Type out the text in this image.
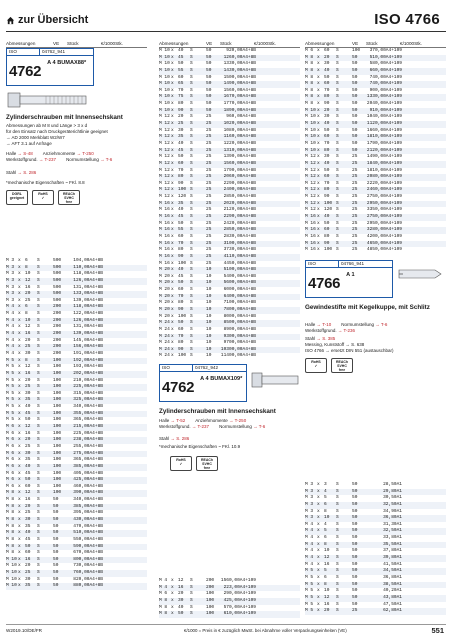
zur Übersicht	ISO 4766
Abmessungen	VE	Stück	€/1000Stk.
ISO	04762_941
4762 A 4 BUMAX88*
Zylinderschrauben mit Innensechskant
Abmessungen ab M 8 und Länge > 3 x d
für den Einsatz nach Druckgeräterichtlinie geeignet
→ AD 2000 Merkblatt W2/W7
→ AFT 3.1 auf Anfrage
Halle → S-48 Anziehmomente → T-250
Werkstoffgrund. → T-237 Normumstellung → T-6
Stahl → S. 286
*mechanische Eigenschaften ~ FKl. 8.8
DGRL
geeignet
RoHS
✓
REACh
SVHC
free
M 3 x 6	S	500	104,00A4+8B
M 3 x 8	S	500	110,00A4+8B
M 3 x 10	S	500	118,00A4+8B
M 3 x 12	S	500	126,00A4+8B
M 3 x 16	S	500	131,00A4+8B
M 3 x 20	S	500	133,00A4+8B
M 3 x 25	S	500	139,00A4+8B
M 4 x 6	S	200	118,00A4+8B
M 4 x 8	S	200	122,00A4+8B
M 4 x 10	S	200	126,00A4+8B
M 4 x 12	S	200	131,00A4+8B
M 4 x 16	S	200	139,00A4+8B
M 4 x 20	S	200	145,00A4+8B
M 4 x 25	S	200	156,00A4+8B
M 4 x 30	S	200	191,00A4+8B
M 5 x 8	S	100	192,00A4+8B
M 5 x 12	S	100	193,00A4+8B
M 5 x 16	S	100	202,00A4+8B
M 5 x 20	S	100	210,00A4+8B
M 5 x 25	S	100	225,00A4+8B
M 5 x 30	S	100	315,00A4+8B
M 5 x 35	S	100	325,00A4+8B
M 5 x 40	S	100	340,00A4+8B
M 5 x 45	S	100	355,00A4+8B
M 5 x 50	S	100	365,00A4+8B
M 6 x 12	S	100	215,00A4+8B
M 6 x 16	S	100	225,00A4+8B
M 6 x 20	S	100	238,00A4+8B
M 6 x 25	S	100	255,00A4+8B
M 6 x 30	S	100	275,00A4+8B
M 6 x 35	S	100	365,00A4+8B
M 6 x 40	S	100	385,00A4+8B
M 6 x 45	S	100	405,00A4+8B
M 6 x 50	S	100	425,00A4+8B
M 6 x 60	S	100	460,00A4+8B
M 8 x 12	S	100	390,00A4+8B
M 8 x 16	S	50	340,00A4+8B
M 8 x 20	S	50	385,00A4+8B
M 8 x 25	S	50	395,00A4+8B
M 8 x 30	S	50	430,00A4+8B
M 8 x 35	S	50	470,00A4+8B
M 8 x 40	S	50	510,00A4+8B
M 8 x 45	S	50	550,00A4+8B
M 8 x 50	S	50	590,00A4+8B
M 8 x 60	S	50	670,00A4+8B
M 10 x 16	S	50	800,00A4+8B
M 10 x 20	S	50	730,00A4+8B
M 10 x 25	S	50	760,00A4+8B
M 10 x 30	S	50	820,00A4+8B
M 10 x 35	S	50	880,00A4+8B
Abmessungen	VE	Stück	€/1000Stk.
M 10 x 40	S	50	920,00A4+8B
M 10 x 45	S	50	1260,00A4+8B
M 10 x 50	S	50	1330,00A4+8B
M 10 x 55	S	50	1430,00A4+8B
M 10 x 60	S	50	1500,00A4+8B
M 10 x 65	S	50	1490,00A4+8B
M 10 x 70	S	50	1560,00A4+8B
M 10 x 75	S	50	1670,00A4+8B
M 10 x 80	S	50	1770,00A4+8B
M 10 x 90	S	50	1890,00A4+8B
M 12 x 20	S	25	960,00A4+8B
M 12 x 25	S	25	1020,00A4+8B
M 12 x 30	S	25	1080,00A4+8B
M 12 x 35	S	25	1160,00A4+8B
M 12 x 40	S	25	1220,00A4+8B
M 12 x 45	S	25	1310,00A4+8B
M 12 x 50	S	25	1390,00A4+8B
M 12 x 60	S	25	1560,00A4+8B
M 12 x 70	S	25	1790,00A4+8B
M 12 x 80	S	25	2060,00A4+8B
M 12 x 90	S	25	2290,00A4+8B
M 12 x 100 S	25	2400,00A4+8B
M 12 x 120 S	25	2850,00A4+8B
M 16 x 35	S	25	2020,00A4+8B
M 16 x 40	S	25	2120,00A4+8B
M 16 x 45	S	25	2290,00A4+8B
M 16 x 50	S	25	2420,00A4+8B
M 16 x 55	S	25	2850,00A4+8B
M 16 x 60	S	25	2830,00A4+8B
M 16 x 70	S	25	3100,00A4+8B
M 16 x 80	S	25	3730,00A4+8B
M 16 x 90	S	25	4110,00A4+8B
M 16 x 100 S	25	4450,00A4+8B
M 20 x 40	S	10	5100,00A4+8B
M 20 x 45	S	10	5400,00A4+8B
M 20 x 50	S	10	5600,00A4+8B
M 20 x 60	S	10	6000,00A4+8B
M 20 x 70	S	10	6400,00A4+8B
M 20 x 80	S	10	7100,00A4+8B
M 20 x 90	S	10	7800,00A4+8B
M 20 x 100 S	10	8000,00A4+8B
M 24 x 50	S	10	8500,00A4+8B
M 24 x 60	S	10	8900,00A4+8B
M 24 x 70	S	10	9300,00A4+8B
M 24 x 80	S	10	9700,00A4+8B
M 24 x 90	S	10	10300,00A4+8B
M 24 x 100 S	10	11400,00A4+8B
ISO	04762_942
4762 A 4 BUMAX109*
Zylinderschrauben mit Innensechskant
Halle → T-52 Anziehmomente → T-250
Werkstoffgrund. → T-237 Normumstellung → T-6
Stahl → S. 286
*mechanische Eigenschaften ~ FKl. 10.9
RoHS
✓
REACh
SVHC
free
M 4 x 12	S	200	1560,00A4+109
M 4 x 16	S	200	223,00A4+109
M 6 x 20	S	100	290,00A4+109
M 8 x 30	S	100	425,00A4+109
M 8 x 40	S	100	570,00A4+109
M 8 x 50	S	100	610,00A4+109
Abmessungen	VE	Stück	€/1000Stk.
M 6 x 60	S	100	370,00A4+109
M 8 x 20	S	50	510,00A4+109
M 8 x 30	S	50	580,00A4+109
M 8 x 40	S	50	660,00A4+109
M 8 x 50	S	50	740,00A4+109
M 8 x 60	S	50	740,00A4+109
M 8 x 70	S	50	900,00A4+109
M 8 x 80	S	50	1330,00A4+109
M 8 x 90	S	50	2040,00A4+109
M 10 x 20	S	50	910,00A4+109
M 10 x 30	S	50	1040,00A4+109
M 10 x 40	S	50	1120,00A4+109
M 10 x 50	S	50	1660,00A4+109
M 10 x 60	S	50	1810,00A4+109
M 10 x 70	S	50	1790,00A4+109
M 10 x 80	S	50	2120,00A4+109
M 12 x 30	S	25	1490,00A4+109
M 12 x 40	S	25	1840,00A4+109
M 12 x 50	S	25	1810,00A4+109
M 12 x 60	S	25	2080,00A4+109
M 12 x 70	S	25	2220,00A4+109
M 12 x 80	S	25	2460,00A4+109
M 12 x 90	S	25	2750,00A4+109
M 12 x 100 S	25	2950,00A4+109
M 12 x 120 S	25	3350,00A4+109
M 16 x 40	S	25	2750,00A4+109
M 16 x 50	S	25	2950,00A4+109
M 16 x 60	S	25	3280,00A4+109
M 16 x 80	S	25	4200,00A4+109
M 16 x 90	S	25	4650,00A4+109
M 16 x 100 S	25	4850,00A4+109
ISO	04766_941
4766 A 1
Gewindestifte mit Kegelkuppe, mit Schlitz
Halle → T-10 Normumstellung → T-6
Werkstoffgrund. → T-236
Stahl → S. 385
Messing, Kunststoff → S. 638
ISO 4766 → ersetzt DIN 551 (austauschbar)
RoHS
✓
REACh
SVHC
free
M 3 x 3	S	50	28,50A1
M 3 x 4	S	50	29,80A1
M 3 x 5	S	50	30,50A1
M 3 x 6	S	50	32,50A1
M 3 x 8	S	50	34,90A1
M 3 x 10	S	50	36,80A1
M 4 x 4	S	50	31,30A1
M 4 x 5	S	50	32,50A1
M 4 x 6	S	50	33,80A1
M 4 x 8	S	50	35,50A1
M 4 x 10	S	50	37,80A1
M 4 x 12	S	50	39,80A1
M 4 x 16	S	50	41,50A1
M 5 x 5	S	50	34,50A1
M 5 x 6	S	50	36,80A1
M 5 x 8	S	50	38,50A1
M 5 x 10	S	50	40,20A1
M 5 x 12	S	50	43,80A1
M 5 x 16	S	50	47,50A1
M 5 x 20	S	25	62,80A1
W2019.10/DE/FR	€/1000 = Preis in € zuzüglich MwSt. bei Abnahme voller Verpackungseinheiten (VE)	551
